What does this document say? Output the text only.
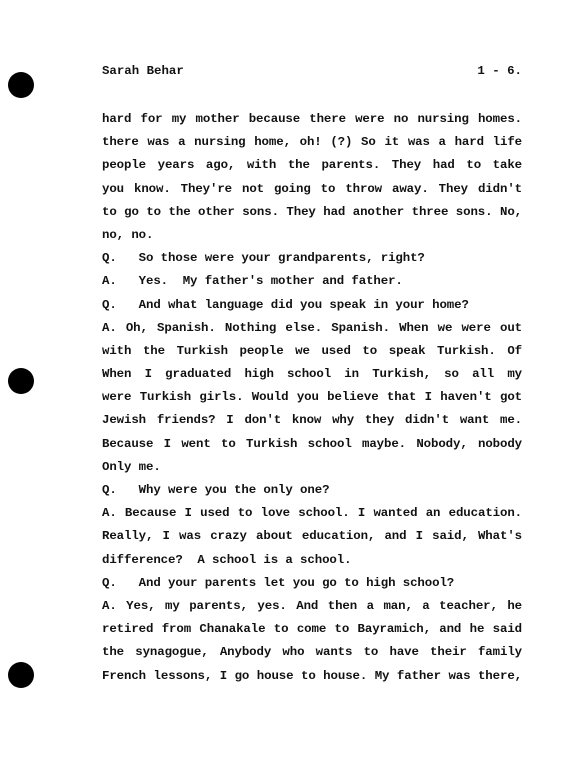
Sarah Behar	1 - 6.
hard for my mother because there were no nursing homes.
there was a nursing home, oh! (?) So it was a hard life
people years ago, with the parents. They had to take
you know. They're not going to throw away. They didn't
to go to the other sons. They had another three sons. No,
no, no.
Q.   So those were your grandparents, right?
A.   Yes.  My father's mother and father.
Q.   And what language did you speak in your home?
A. Oh, Spanish. Nothing else. Spanish. When we were out
with the Turkish people we used to speak Turkish. Of
When I graduated high school in Turkish, so all my
were Turkish girls. Would you believe that I haven't got
Jewish friends? I don't know why they didn't want me.
Because I went to Turkish school maybe. Nobody, nobody
Only me.
Q.   Why were you the only one?
A. Because I used to love school. I wanted an education.
Really, I was crazy about education, and I said, What's
difference?  A school is a school.
Q.   And your parents let you go to high school?
A. Yes, my parents, yes. And then a man, a teacher, he
retired from Chanakale to come to Bayramich, and he said
the synagogue, Anybody who wants to have their family
French lessons, I go house to house. My father was there,
